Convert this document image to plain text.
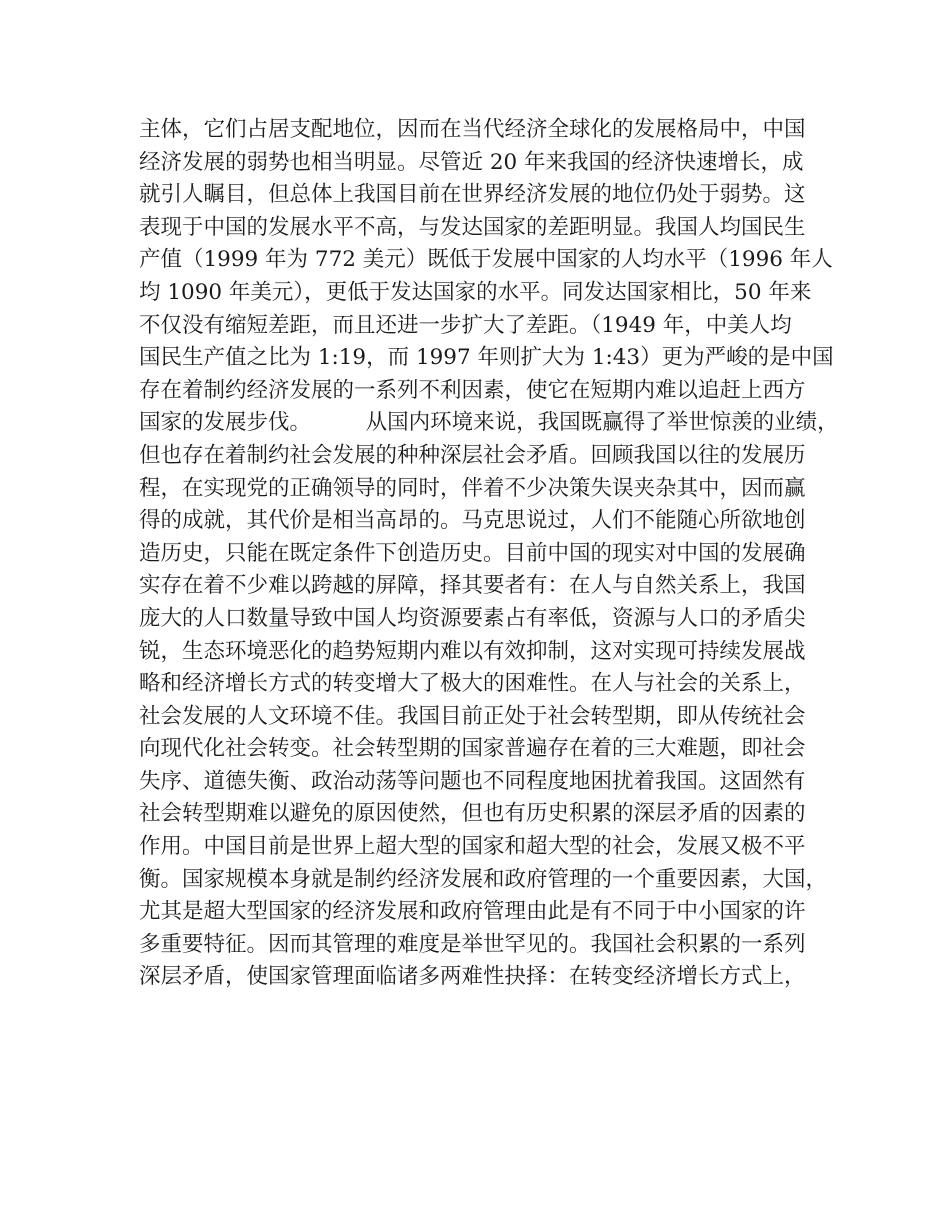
主体，它们占居支配地位，因而在当代经济全球化的发展格局中，中国
经济发展的弱势也相当明显。尽管近 20 年来我国的经济快速增长，成
就引人瞩目，但总体上我国目前在世界经济发展的地位仍处于弱势。这
表现于中国的发展水平不高，与发达国家的差距明显。我国人均国民生
产值（1999 年为 772 美元）既低于发展中国家的人均水平（1996 年人
均 1090 年美元），更低于发达国家的水平。同发达国家相比，50 年来
不仅没有缩短差距，而且还进一步扩大了差距。（1949 年，中美人均
国民生产值之比为 1:19，而 1997 年则扩大为 1:43）更为严峻的是中国
存在着制约经济发展的一系列不利因素，使它在短期内难以追赶上西方
国家的发展步伐。        从国内环境来说，我国既赢得了举世惊羡的业绩，
但也存在着制约社会发展的种种深层社会矛盾。回顾我国以往的发展历
程，在实现党的正确领导的同时，伴着不少决策失误夹杂其中，因而赢
得的成就，其代价是相当高昂的。马克思说过，人们不能随心所欲地创
造历史，只能在既定条件下创造历史。目前中国的现实对中国的发展确
实存在着不少难以跨越的屏障，择其要者有：在人与自然关系上，我国
庞大的人口数量导致中国人均资源要素占有率低，资源与人口的矛盾尖
锐，生态环境恶化的趋势短期内难以有效抑制，这对实现可持续发展战
略和经济增长方式的转变增大了极大的困难性。在人与社会的关系上，
社会发展的人文环境不佳。我国目前正处于社会转型期，即从传统社会
向现代化社会转变。社会转型期的国家普遍存在着的三大难题，即社会
失序、道德失衡、政治动荡等问题也不同程度地困扰着我国。这固然有
社会转型期难以避免的原因使然，但也有历史积累的深层矛盾的因素的
作用。中国目前是世界上超大型的国家和超大型的社会，发展又极不平
衡。国家规模本身就是制约经济发展和政府管理的一个重要因素，大国，
尤其是超大型国家的经济发展和政府管理由此是有不同于中小国家的许
多重要特征。因而其管理的难度是举世罕见的。我国社会积累的一系列
深层矛盾，使国家管理面临诸多两难性抉择：在转变经济增长方式上，
